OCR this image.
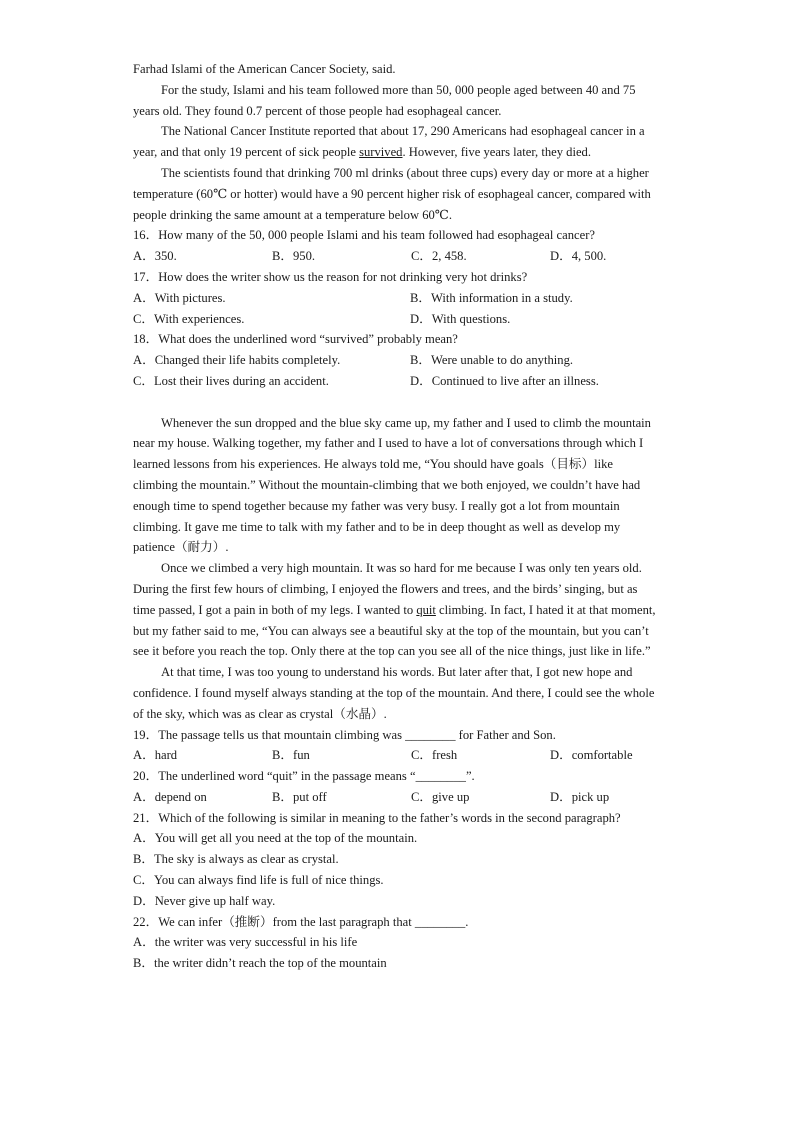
Farhad Islami of the American Cancer Society, said.

For the study, Islami and his team followed more than 50, 000 people aged between 40 and 75 years old. They found 0.7 percent of those people had esophageal cancer.

The National Cancer Institute reported that about 17, 290 Americans had esophageal cancer in a year, and that only 19 percent of sick people survived. However, five years later, they died.

The scientists found that drinking 700 ml drinks (about three cups) every day or more at a higher temperature (60℃ or hotter) would have a 90 percent higher risk of esophageal cancer, compared with people drinking the same amount at a temperature below 60℃.

16．How many of the 50, 000 people Islami and his team followed had esophageal cancer?

A．350.	B．950.	C．2, 458.	D．4, 500.

17．How does the writer show us the reason for not drinking very hot drinks?

A．With pictures.	B．With information in a study.
C．With experiences.	D．With questions.

18．What does the underlined word “survived” probably mean?

A．Changed their life habits completely.	B．Were unable to do anything.
C．Lost their lives during an accident.	D．Continued to live after an illness.

Whenever the sun dropped and the blue sky came up, my father and I used to climb the mountain near my house. Walking together, my father and I used to have a lot of conversations through which I learned lessons from his experiences. He always told me, “You should have goals（目标）like climbing the mountain.” Without the mountain-climbing that we both enjoyed, we couldn’t have had enough time to spend together because my father was very busy. I really got a lot from mountain climbing. It gave me time to talk with my father and to be in deep thought as well as develop my patience（耐力）.

Once we climbed a very high mountain. It was so hard for me because I was only ten years old. During the first few hours of climbing, I enjoyed the flowers and trees, and the birds’ singing, but as time passed, I got a pain in both of my legs. I wanted to quit climbing. In fact, I hated it at that moment, but my father said to me, “You can always see a beautiful sky at the top of the mountain, but you can’t see it before you reach the top. Only there at the top can you see all of the nice things, just like in life.”

At that time, I was too young to understand his words. But later after that, I got new hope and confidence. I found myself always standing at the top of the mountain. And there, I could see the whole of the sky, which was as clear as crystal（水晶）.

19．The passage tells us that mountain climbing was ________ for Father and Son.

A．hard	B．fun	C．fresh	D．comfortable

20．The underlined word “quit” in the passage means “________”.

A．depend on	B．put off	C．give up	D．pick up

21．Which of the following is similar in meaning to the father’s words in the second paragraph?

A．You will get all you need at the top of the mountain.

B．The sky is always as clear as crystal.

C．You can always find life is full of nice things.

D．Never give up half way.

22．We can infer（推断）from the last paragraph that ________.

A．the writer was very successful in his life

B．the writer didn’t reach the top of the mountain
